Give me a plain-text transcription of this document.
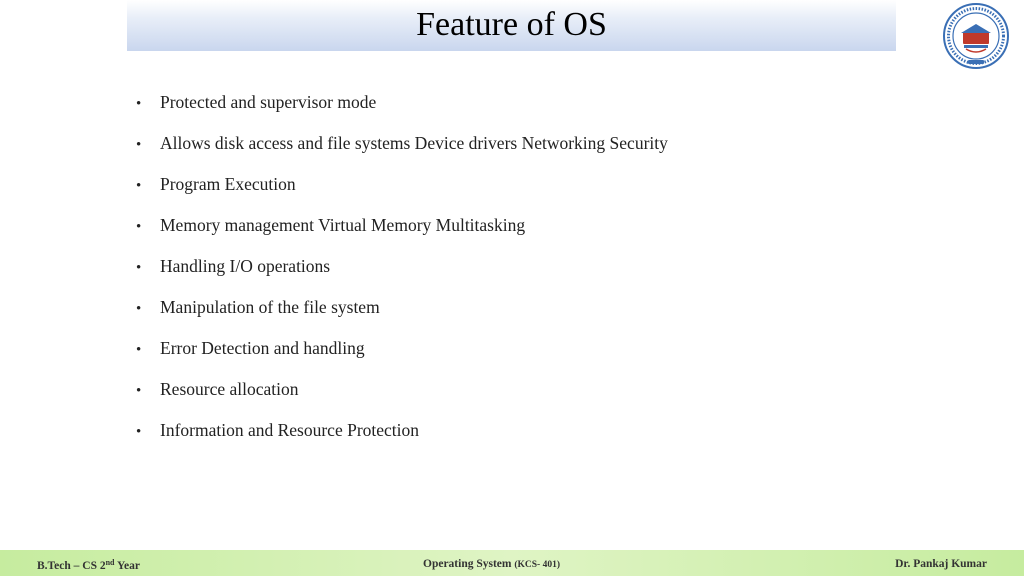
Feature of OS
•	Protected and supervisor mode
•	Allows disk access and file systems Device drivers Networking Security
•	Program Execution
•	Memory management Virtual Memory Multitasking
•	Handling I/O operations
•	Manipulation of the file system
•	Error Detection and handling
•	Resource allocation
•	Information and Resource Protection
B.Tech – CS 2nd Year	Operating System (KCS- 401)	Dr. Pankaj Kumar
